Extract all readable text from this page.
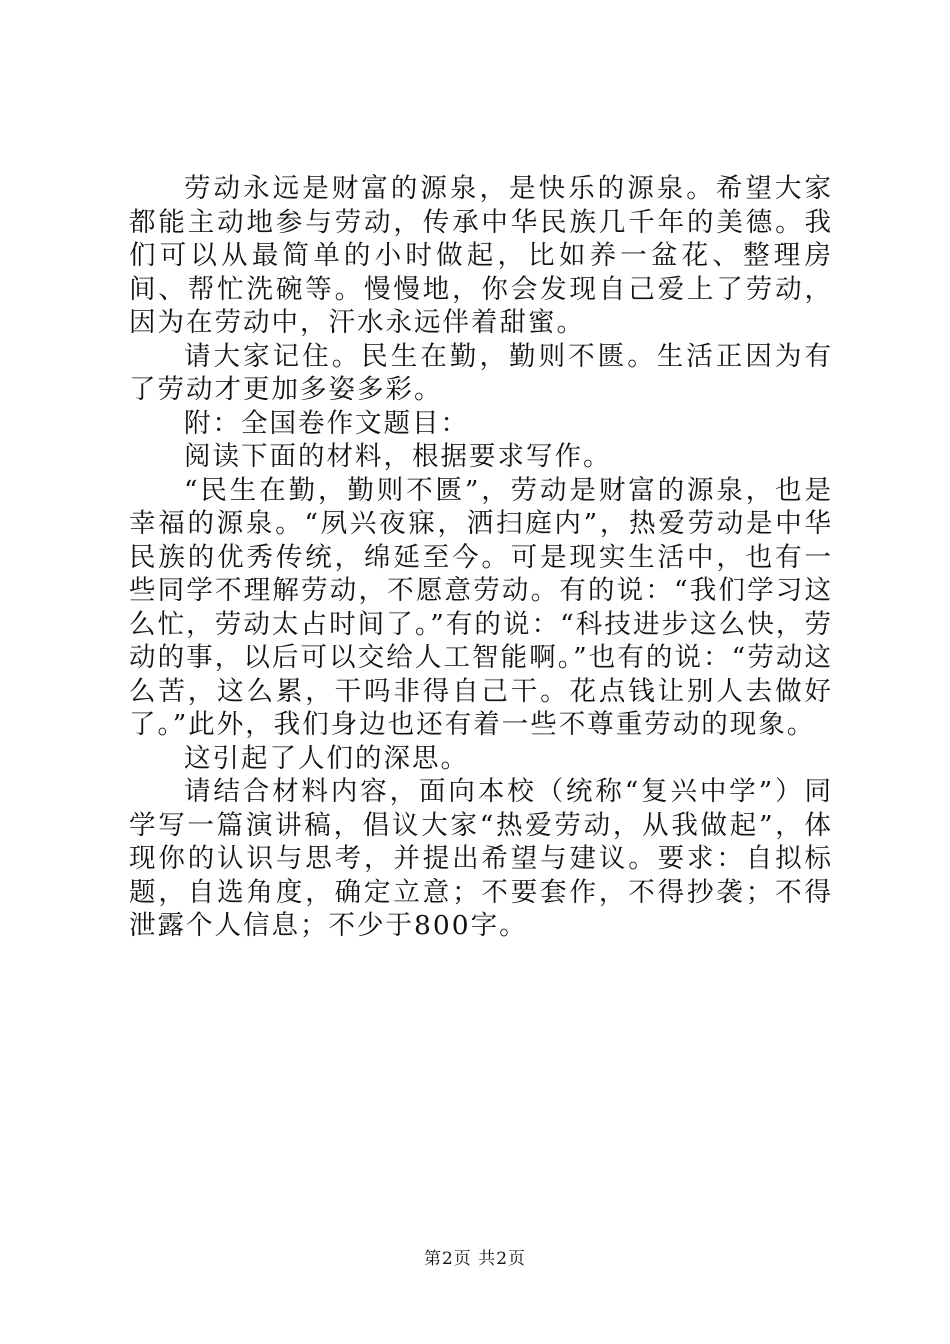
劳动永远是财富的源泉，是快乐的源泉。希望大家都能主动地参与劳动，传承中华民族几千年的美德。我们可以从最简单的小时做起，比如养一盆花、整理房间、帮忙洗碗等。慢慢地，你会发现自己爱上了劳动，因为在劳动中，汗水永远伴着甜蜜。

请大家记住。民生在勤，勤则不匮。生活正因为有了劳动才更加多姿多彩。

附：全国卷作文题目：

阅读下面的材料，根据要求写作。

“民生在勤，勤则不匮”，劳动是财富的源泉，也是幸福的源泉。“夙兴夜寐，洒扫庭内”，热爱劳动是中华民族的优秀传统，绵延至今。可是现实生活中，也有一些同学不理解劳动，不愿意劳动。有的说：“我们学习这么忙，劳动太占时间了。”有的说：“科技进步这么快，劳动的事，以后可以交给人工智能啊。”也有的说：“劳动这么苦，这么累，干吗非得自己干。花点钱让别人去做好了。”此外，我们身边也还有着一些不尊重劳动的现象。

这引起了人们的深思。

请结合材料内容，面向本校（统称“复兴中学”）同学写一篇演讲稿，倡议大家“热爱劳动，从我做起”，体现你的认识与思考，并提出希望与建议。要求：自拟标题，自选角度，确定立意；不要套作，不得抄袭；不得泄露个人信息；不少于800字。

第2页 共2页
